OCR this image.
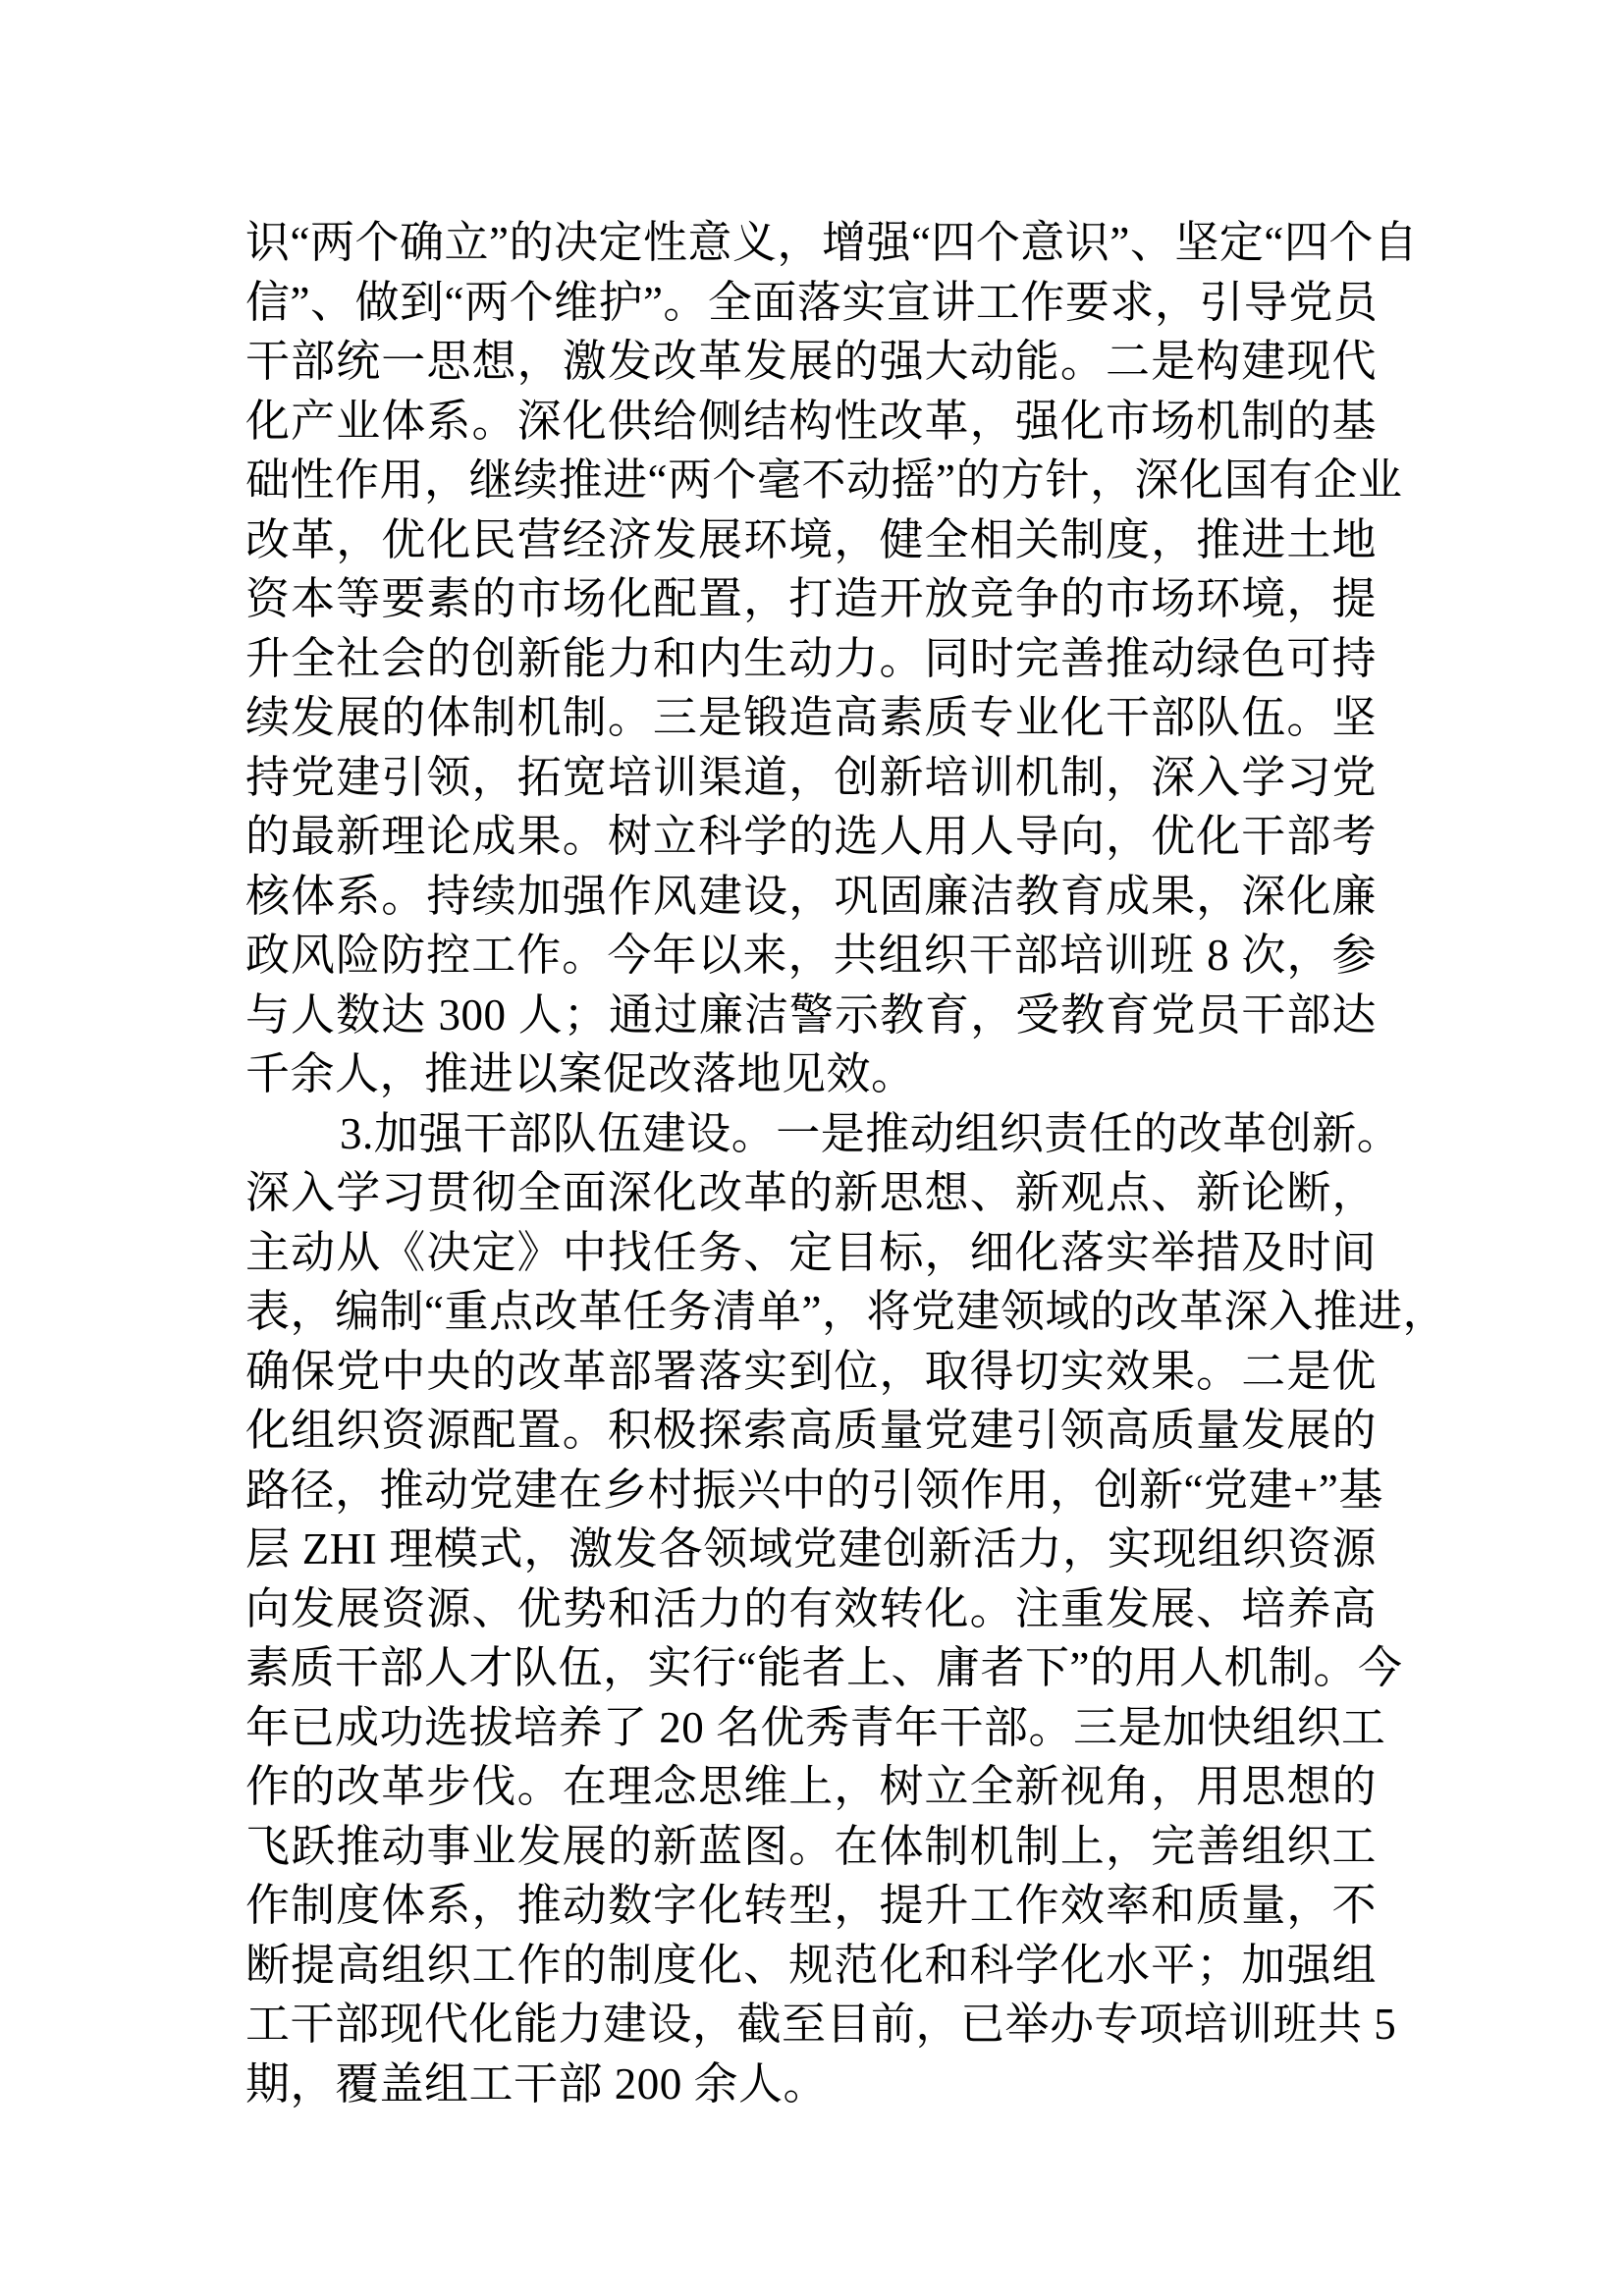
识“两个确立”的决定性意义，增强“四个意识”、坚定“四个自
信”、做到“两个维护”。全面落实宣讲工作要求，引导党员
干部统一思想，激发改革发展的强大动能。二是构建现代
化产业体系。深化供给侧结构性改革，强化市场机制的基
础性作用，继续推进“两个毫不动摇”的方针，深化国有企业
改革，优化民营经济发展环境，健全相关制度，推进土地
资本等要素的市场化配置，打造开放竞争的市场环境，提
升全社会的创新能力和内生动力。同时完善推动绿色可持
续发展的体制机制。三是锻造高素质专业化干部队伍。坚
持党建引领，拓宽培训渠道，创新培训机制，深入学习党
的最新理论成果。树立科学的选人用人导向，优化干部考
核体系。持续加强作风建设，巩固廉洁教育成果，深化廉
政风险防控工作。今年以来，共组织干部培训班 8 次，参
与人数达 300 人；通过廉洁警示教育，受教育党员干部达
千余人，推进以案促改落地见效。
3.加强干部队伍建设。一是推动组织责任的改革创新。
深入学习贯彻全面深化改革的新思想、新观点、新论断，
主动从《决定》中找任务、定目标，细化落实举措及时间
表，编制“重点改革任务清单”，将党建领域的改革深入推进，
确保党中央的改革部署落实到位，取得切实效果。二是优
化组织资源配置。积极探索高质量党建引领高质量发展的
路径，推动党建在乡村振兴中的引领作用，创新“党建+”基
层 ZHI 理模式，激发各领域党建创新活力，实现组织资源
向发展资源、优势和活力的有效转化。注重发展、培养高
素质干部人才队伍，实行“能者上、庸者下”的用人机制。今
年已成功选拔培养了 20 名优秀青年干部。三是加快组织工
作的改革步伐。在理念思维上，树立全新视角，用思想的
飞跃推动事业发展的新蓝图。在体制机制上，完善组织工
作制度体系，推动数字化转型，提升工作效率和质量，不
断提高组织工作的制度化、规范化和科学化水平；加强组
工干部现代化能力建设，截至目前，已举办专项培训班共 5
期，覆盖组工干部 200 余人。
